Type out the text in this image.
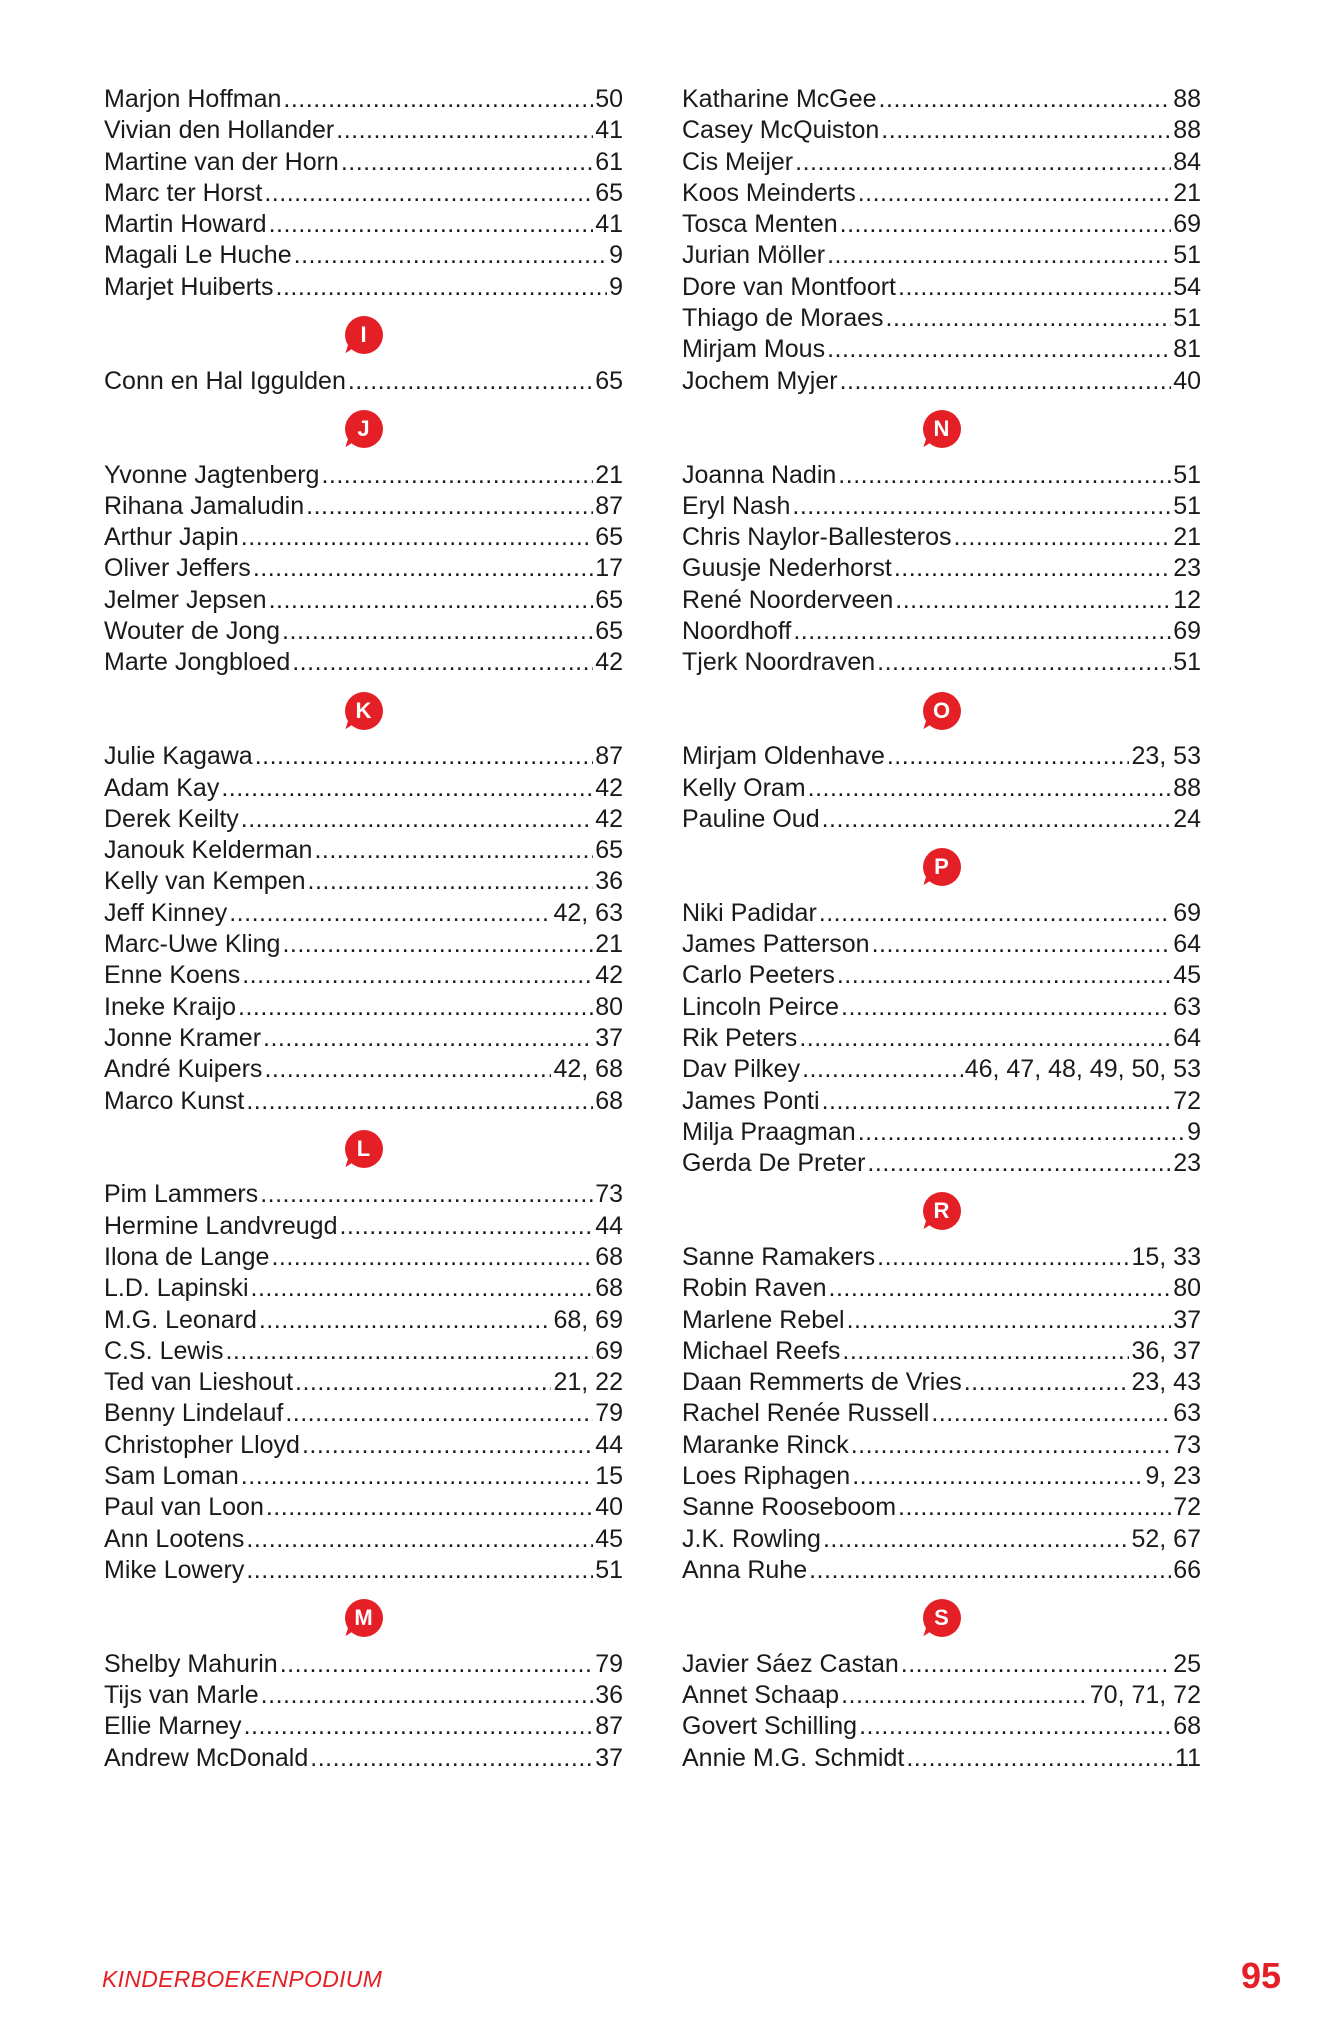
Marjon Hoffman .....	50
Vivian den Hollander .....	41
Martine van der Horn .....	61
Marc ter Horst .....	65
Martin Howard .....	41
Magali Le Huche .....	9
Marjet Huiberts .....	9
I
Conn en Hal Iggulden .....	65
J
Yvonne Jagtenberg .....	21
Rihana Jamaludin .....	87
Arthur Japin .....	65
Oliver Jeffers .....	17
Jelmer Jepsen .....	65
Wouter de Jong .....	65
Marte Jongbloed .....	42
K
Julie Kagawa .....	87
Adam Kay .....	42
Derek Keilty .....	42
Janouk Kelderman .....	65
Kelly van Kempen .....	36
Jeff Kinney .....	42, 63
Marc-Uwe Kling .....	21
Enne Koens .....	42
Ineke Kraijo .....	80
Jonne Kramer .....	37
André Kuipers .....	42, 68
Marco Kunst .....	68
L
Pim Lammers .....	73
Hermine Landvreugd .....	44
Ilona de Lange .....	68
L.D. Lapinski .....	68
M.G. Leonard .....	68, 69
C.S. Lewis .....	69
Ted van Lieshout .....	21, 22
Benny Lindelauf .....	79
Christopher Lloyd .....	44
Sam Loman .....	15
Paul van Loon .....	40
Ann Lootens .....	45
Mike Lowery .....	51
M
Shelby Mahurin .....	79
Tijs van Marle .....	36
Ellie Marney .....	87
Andrew McDonald .....	37
Katharine McGee .....	88
Casey McQuiston .....	88
Cis Meijer .....	84
Koos Meinderts .....	21
Tosca Menten .....	69
Jurian Möller .....	51
Dore van Montfoort .....	54
Thiago de Moraes .....	51
Mirjam Mous .....	81
Jochem Myjer .....	40
N
Joanna Nadin .....	51
Eryl Nash .....	51
Chris Naylor-Ballesteros .....	21
Guusje Nederhorst .....	23
René Noorderveen .....	12
Noordhoff .....	69
Tjerk Noordraven .....	51
O
Mirjam Oldenhave .....	23, 53
Kelly Oram .....	88
Pauline Oud .....	24
P
Niki Padidar .....	69
James Patterson .....	64
Carlo Peeters .....	45
Lincoln Peirce .....	63
Rik Peters .....	64
Dav Pilkey .....	46, 47, 48, 49, 50, 53
James Ponti .....	72
Milja Praagman .....	9
Gerda De Preter .....	23
R
Sanne Ramakers .....	15, 33
Robin Raven .....	80
Marlene Rebel .....	37
Michael Reefs .....	36, 37
Daan Remmerts de Vries .....	23, 43
Rachel Renée Russell .....	63
Maranke Rinck .....	73
Loes Riphagen .....	9, 23
Sanne Rooseboom .....	72
J.K. Rowling .....	52, 67
Anna Ruhe .....	66
S
Javier Sáez Castan .....	25
Annet Schaap .....	70, 71, 72
Govert Schilling .....	68
Annie M.G. Schmidt .....	11
KINDERBOEKENPODIUM	95
